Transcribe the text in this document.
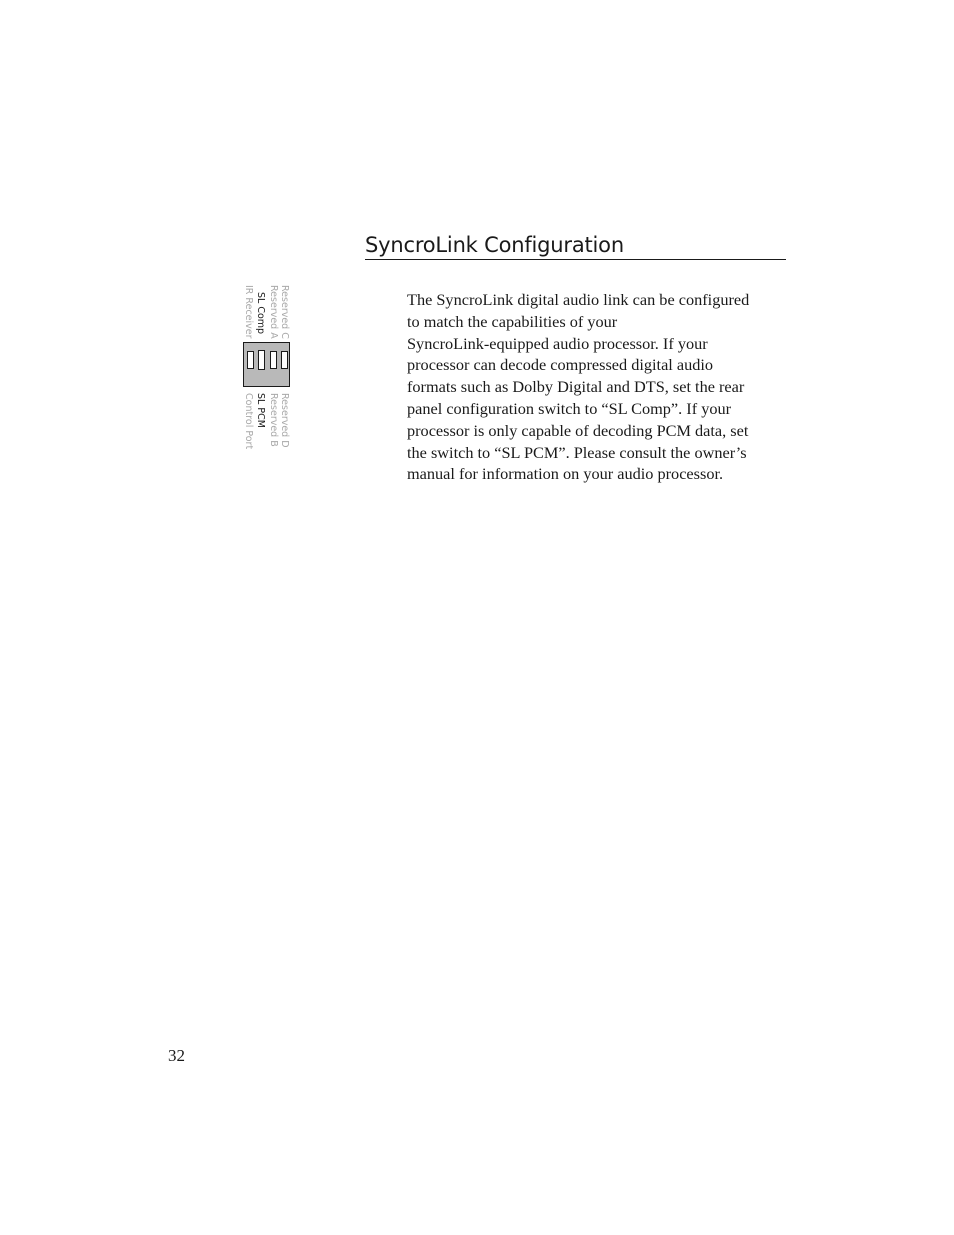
SyncroLink Configuration
Reserved C
Reserved A
SL Comp
IR Receiver
Reserved D
Reserved B
SL PCM
Control Port

The SyncroLink digital audio link can be configured
to match the capabilities of your
SyncroLink-equipped audio processor. If your
processor can decode compressed digital audio
formats such as Dolby Digital and DTS, set the rear
panel configuration switch to “SL Comp”. If your
processor is only capable of decoding PCM data, set
the switch to “SL PCM”. Please consult the owner’s
manual for information on your audio processor.

32
